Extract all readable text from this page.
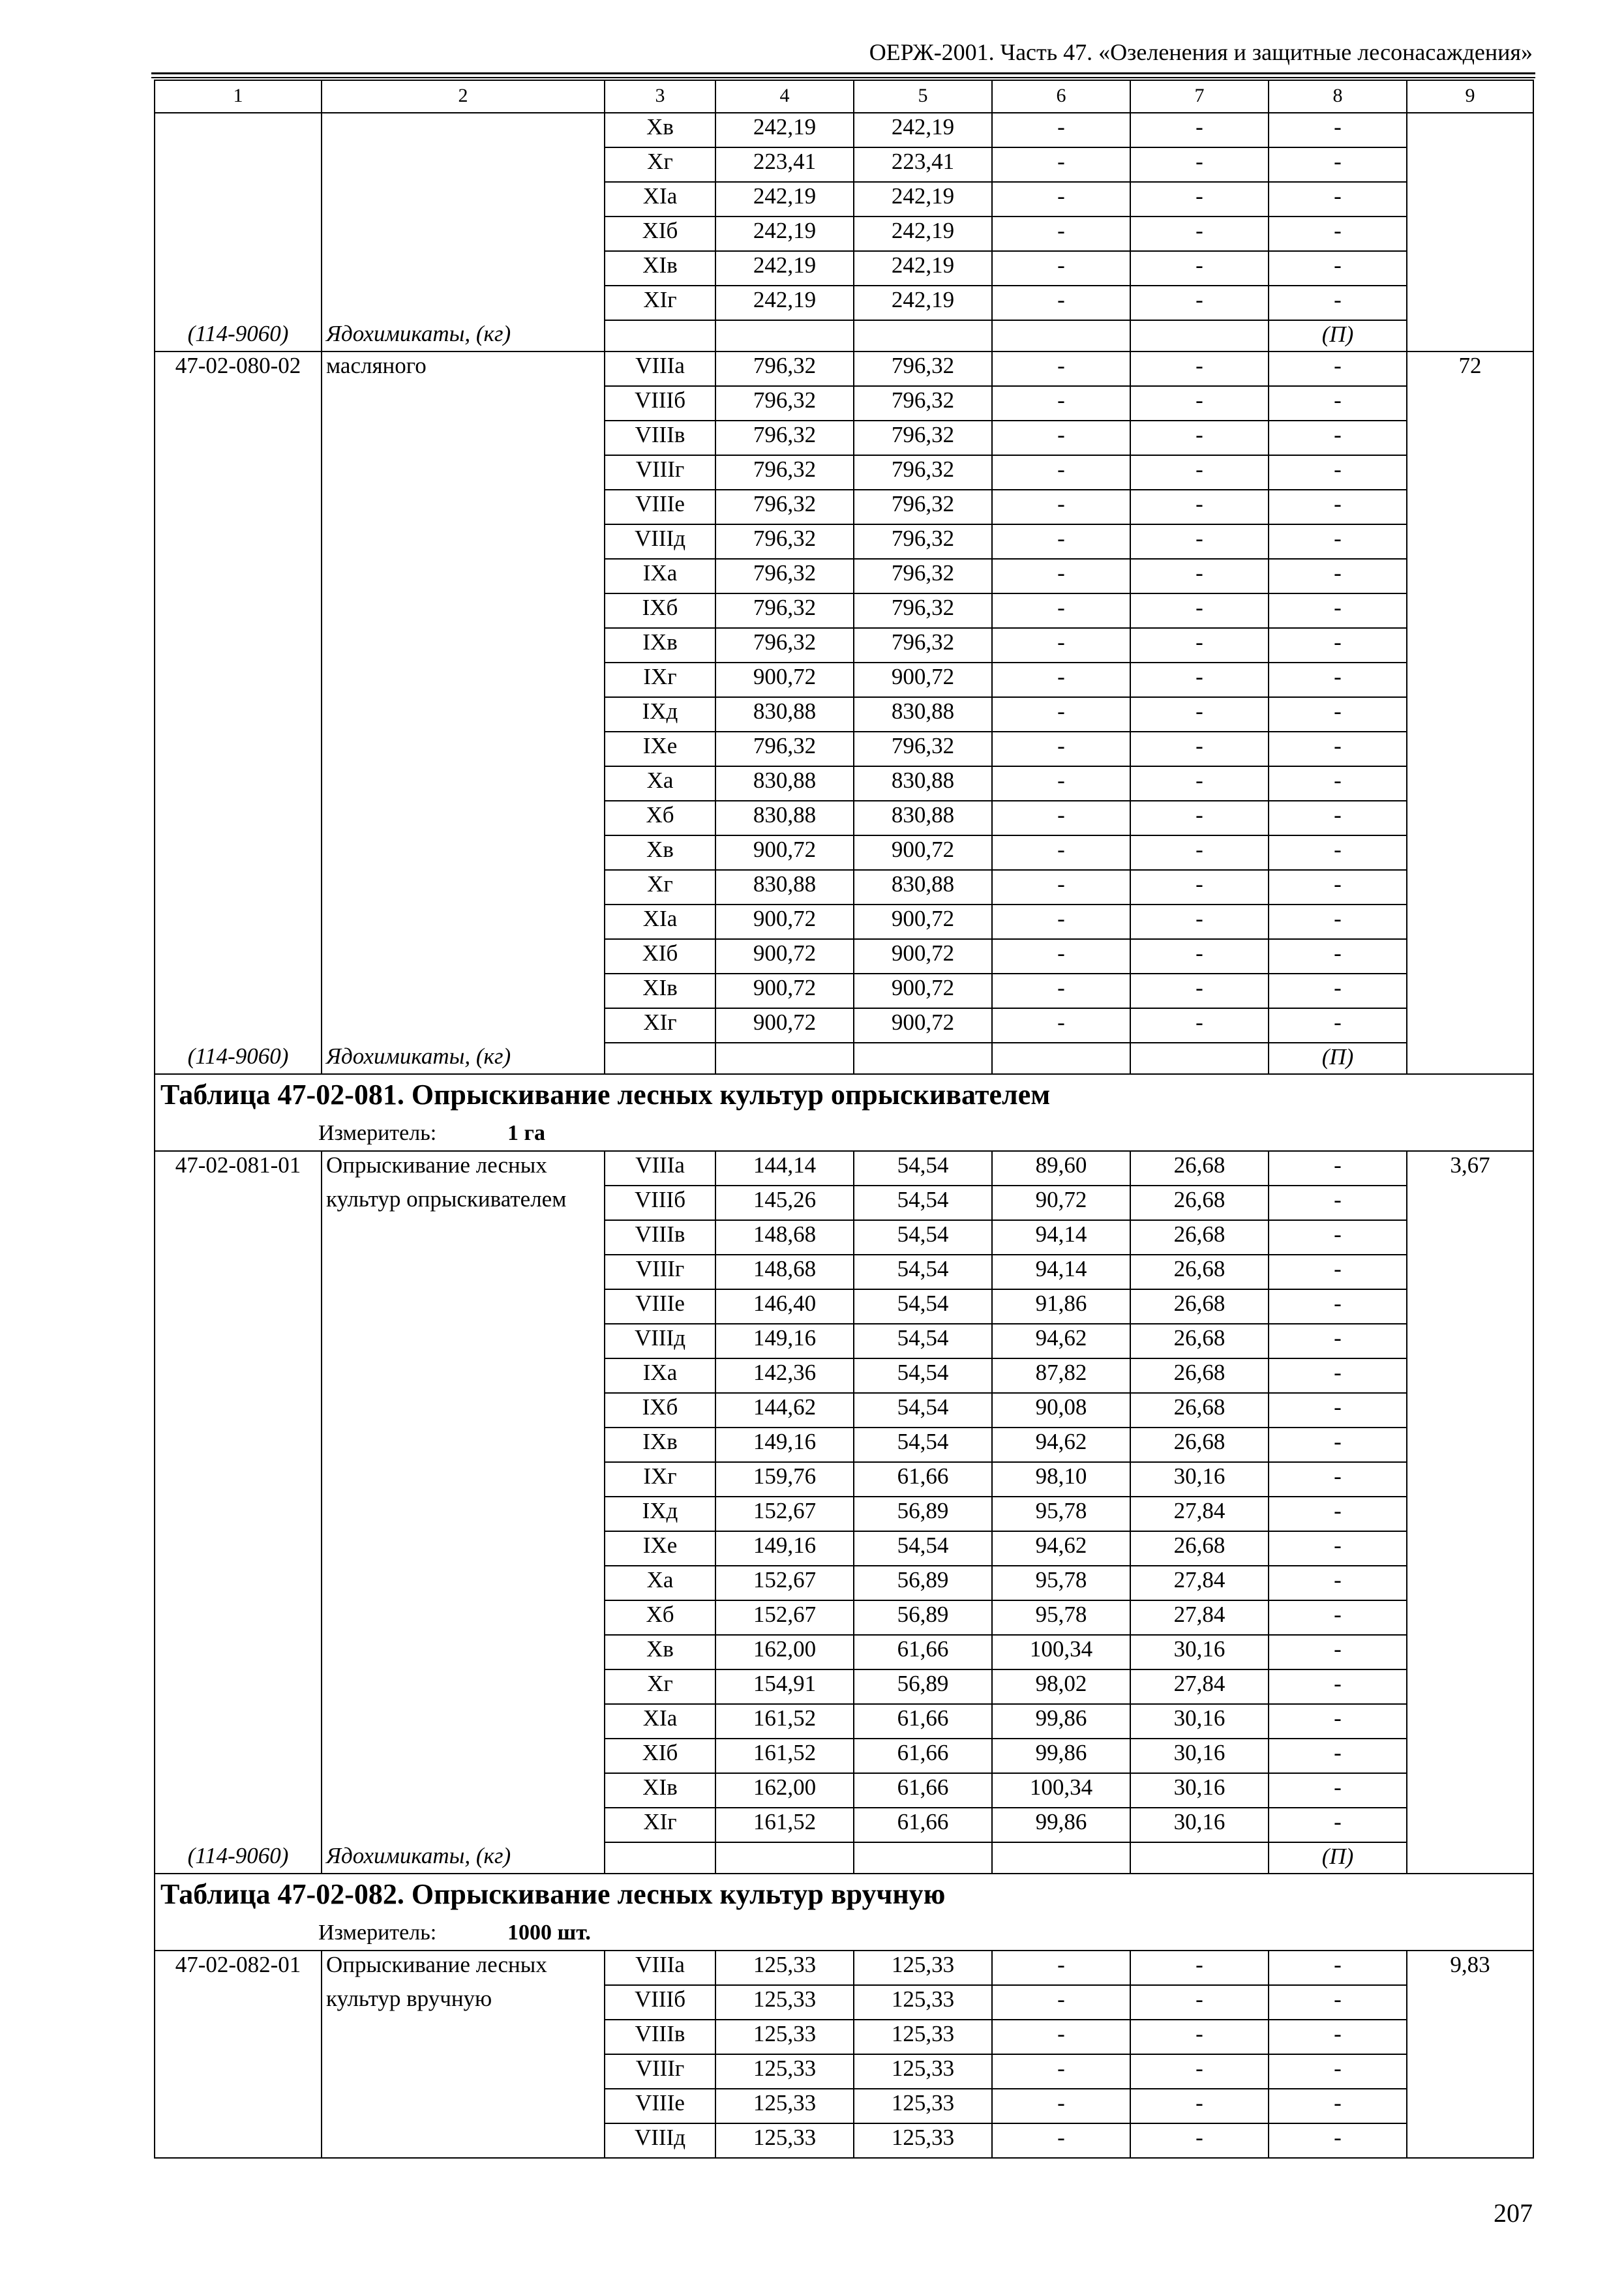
ОЕРЖ-2001. Часть 47. «Озеленения и защитные лесонасаждения»
1	2	3	4	5	6	7	8	9
		Хв	242,19	242,19	-	-	-	
		Хг	223,41	223,41	-	-	-	
		ХIа	242,19	242,19	-	-	-	
		ХIб	242,19	242,19	-	-	-	
		ХIв	242,19	242,19	-	-	-	
		ХIг	242,19	242,19	-	-	-	
(114-9060)	Ядохимикаты, (кг)						(П)	
47-02-080-02	масляного	VIIIа	796,32	796,32	-	-	-	72
		VIIIб	796,32	796,32	-	-	-	
		VIIIв	796,32	796,32	-	-	-	
		VIIIг	796,32	796,32	-	-	-	
		VIIIе	796,32	796,32	-	-	-	
		VIIIд	796,32	796,32	-	-	-	
		IХа	796,32	796,32	-	-	-	
		IХб	796,32	796,32	-	-	-	
		IХв	796,32	796,32	-	-	-	
		IХг	900,72	900,72	-	-	-	
		IХд	830,88	830,88	-	-	-	
		IХе	796,32	796,32	-	-	-	
		Ха	830,88	830,88	-	-	-	
		Хб	830,88	830,88	-	-	-	
		Хв	900,72	900,72	-	-	-	
		Хг	830,88	830,88	-	-	-	
		ХIа	900,72	900,72	-	-	-	
		ХIб	900,72	900,72	-	-	-	
		ХIв	900,72	900,72	-	-	-	
		ХIг	900,72	900,72	-	-	-	
(114-9060)	Ядохимикаты, (кг)						(П)	
Таблица 47-02-081. Опрыскивание лесных культур опрыскивателем								
Измеритель: 1 га								
47-02-081-01	Опрыскивание лесных	VIIIа	144,14	54,54	89,60	26,68	-	3,67
	культур опрыскивателем	VIIIб	145,26	54,54	90,72	26,68	-	
		VIIIв	148,68	54,54	94,14	26,68	-	
		VIIIг	148,68	54,54	94,14	26,68	-	
		VIIIе	146,40	54,54	91,86	26,68	-	
		VIIIд	149,16	54,54	94,62	26,68	-	
		IХа	142,36	54,54	87,82	26,68	-	
		IХб	144,62	54,54	90,08	26,68	-	
		IХв	149,16	54,54	94,62	26,68	-	
		IХг	159,76	61,66	98,10	30,16	-	
		IХд	152,67	56,89	95,78	27,84	-	
		IХе	149,16	54,54	94,62	26,68	-	
		Ха	152,67	56,89	95,78	27,84	-	
		Хб	152,67	56,89	95,78	27,84	-	
		Хв	162,00	61,66	100,34	30,16	-	
		Хг	154,91	56,89	98,02	27,84	-	
		ХIа	161,52	61,66	99,86	30,16	-	
		ХIб	161,52	61,66	99,86	30,16	-	
		ХIв	162,00	61,66	100,34	30,16	-	
		ХIг	161,52	61,66	99,86	30,16	-	
(114-9060)	Ядохимикаты, (кг)						(П)	
Таблица 47-02-082. Опрыскивание лесных культур вручную								
Измеритель: 1000 шт.								
47-02-082-01	Опрыскивание лесных	VIIIа	125,33	125,33	-	-	-	9,83
	культур вручную	VIIIб	125,33	125,33	-	-	-	
		VIIIв	125,33	125,33	-	-	-	
		VIIIг	125,33	125,33	-	-	-	
		VIIIе	125,33	125,33	-	-	-	
		VIIIд	125,33	125,33	-	-	-	
207
